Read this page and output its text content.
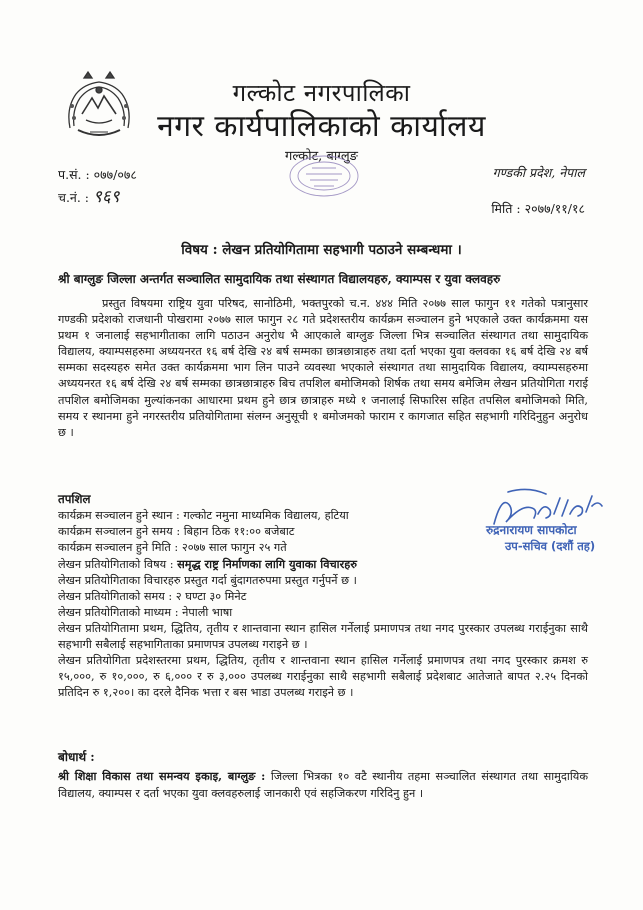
गल्कोट नगरपालिका
नगर कार्यपालिकाको कार्यालय
गल्कोट, बाग्लुङ
प.सं. : ०७७/०७८
च.नं. : ९६९
गण्डकी प्रदेश, नेपाल
मिति : २०७७/११/१८
विषय : लेखन प्रतियोगितामा सहभागी पठाउने सम्बन्धमा ।
श्री बाग्लुङ जिल्ला अन्तर्गत सञ्चालित सामुदायिक तथा संस्थागत विद्यालयहरु, क्याम्पस र युवा क्लवहरु
प्रस्तुत विषयमा राष्ट्रिय युवा परिषद, सानोठिमी, भक्तपुरको च.न. ४४४ मिति २०७७ साल फागुन ११ गतेको पत्रानुसार गण्डकी प्रदेशको राजधानी पोखरामा २०७७ साल फागुन २८ गते प्रदेशस्तरीय कार्यक्रम सञ्चालन हुने भएकाले उक्त कार्यक्रममा यस प्रथम १ जनालाई सहभागीताका लागि पठाउन अनुरोध भै आएकाले बाग्लुङ जिल्ला भित्र सञ्चालित संस्थागत तथा सामुदायिक विद्यालय, क्याम्पसहरुमा अध्ययनरत १६ बर्ष देखि २४ बर्ष सम्मका छात्रछात्राहरु तथा दर्ता भएका युवा क्लवका १६ बर्ष देखि २४ बर्ष सम्मका सदस्यहरु समेत उक्त कार्यक्रममा भाग लिन पाउने व्यवस्था भएकाले संस्थागत तथा सामुदायिक विद्यालय, क्याम्पसहरुमा अध्ययनरत १६ बर्ष देखि २४ बर्ष सम्मका छात्रछात्राहरु बिच तपशिल बमोजिमको शिर्षक तथा समय बमेजिम लेखन प्रतियोगिता गराई तपशिल बमोजिमका मुल्यांकनका आधारमा प्रथम हुने छात्र छात्राहरु मध्ये १ जनालाई सिफारिस सहित तपसिल बमोजिमको मिति, समय र स्थानमा हुने नगरस्तरीय प्रतियोगितामा संलग्न अनुसूची १ बमोजमको फाराम र कागजात सहित सहभागी गरिदिनुहुन अनुरोध छ ।
तपशिल
कार्यक्रम सञ्चालन हुने स्थान : गल्कोट नमुना माध्यमिक विद्यालय, हटिया
कार्यक्रम सञ्चालन हुने समय : बिहान ठिक ११:०० बजेबाट
कार्यक्रम सञ्चालन हुने मिति : २०७७ साल फागुन २५ गते
लेखन प्रतियोगिताको विषय : समृद्ध राष्ट्र निर्माणका लागि युवाका विचारहरु
लेखन प्रतियोगिताका विचारहरु प्रस्तुत गर्दा बुंदागतरुपमा प्रस्तुत गर्नुपर्ने छ ।
लेखन प्रतियोगिताको समय : २ घण्टा ३० मिनेट
लेखन प्रतियोगिताको माध्यम : नेपाली भाषा
लेखन प्रतियोगितामा प्रथम, द्धितिय, तृतीय र शान्तवाना स्थान हासिल गर्नेलाई प्रमाणपत्र तथा नगद पुरस्कार उपलब्ध गराईनुका साथै सहभागी सबैलाई सहभागिताका प्रमाणपत्र उपलब्ध गराइने छ ।
लेखन प्रतियोगिता प्रदेशस्तरमा प्रथम, द्धितिय, तृतीय र शान्तवाना स्थान हासिल गर्नेलाई प्रमाणपत्र तथा नगद पुरस्कार क्रमश रु १५,०००, रु १०,०००, रु ६,००० र रु ३,००० उपलब्ध गराईनुका साथै सहभागी सबैलाई प्रदेशबाट आतेजाते बापत २.२५ दिनको प्रतिदिन रु १,२००। का दरले दैनिक भत्ता र बस भाडा उपलब्ध गराइने छ ।
रुद्रनारायण सापकोटा
उप-सचिव (दशौं तह)
बोधार्थ :
श्री शिक्षा विकास तथा समन्वय इकाइ, बाग्लुङ : जिल्ला भित्रका १० वटै स्थानीय तहमा सञ्चालित संस्थागत तथा सामुदायिक विद्यालय, क्याम्पस र दर्ता भएका युवा क्लवहरुलाई जानकारी एवं सहजिकरण गरिदिनु हुन ।
